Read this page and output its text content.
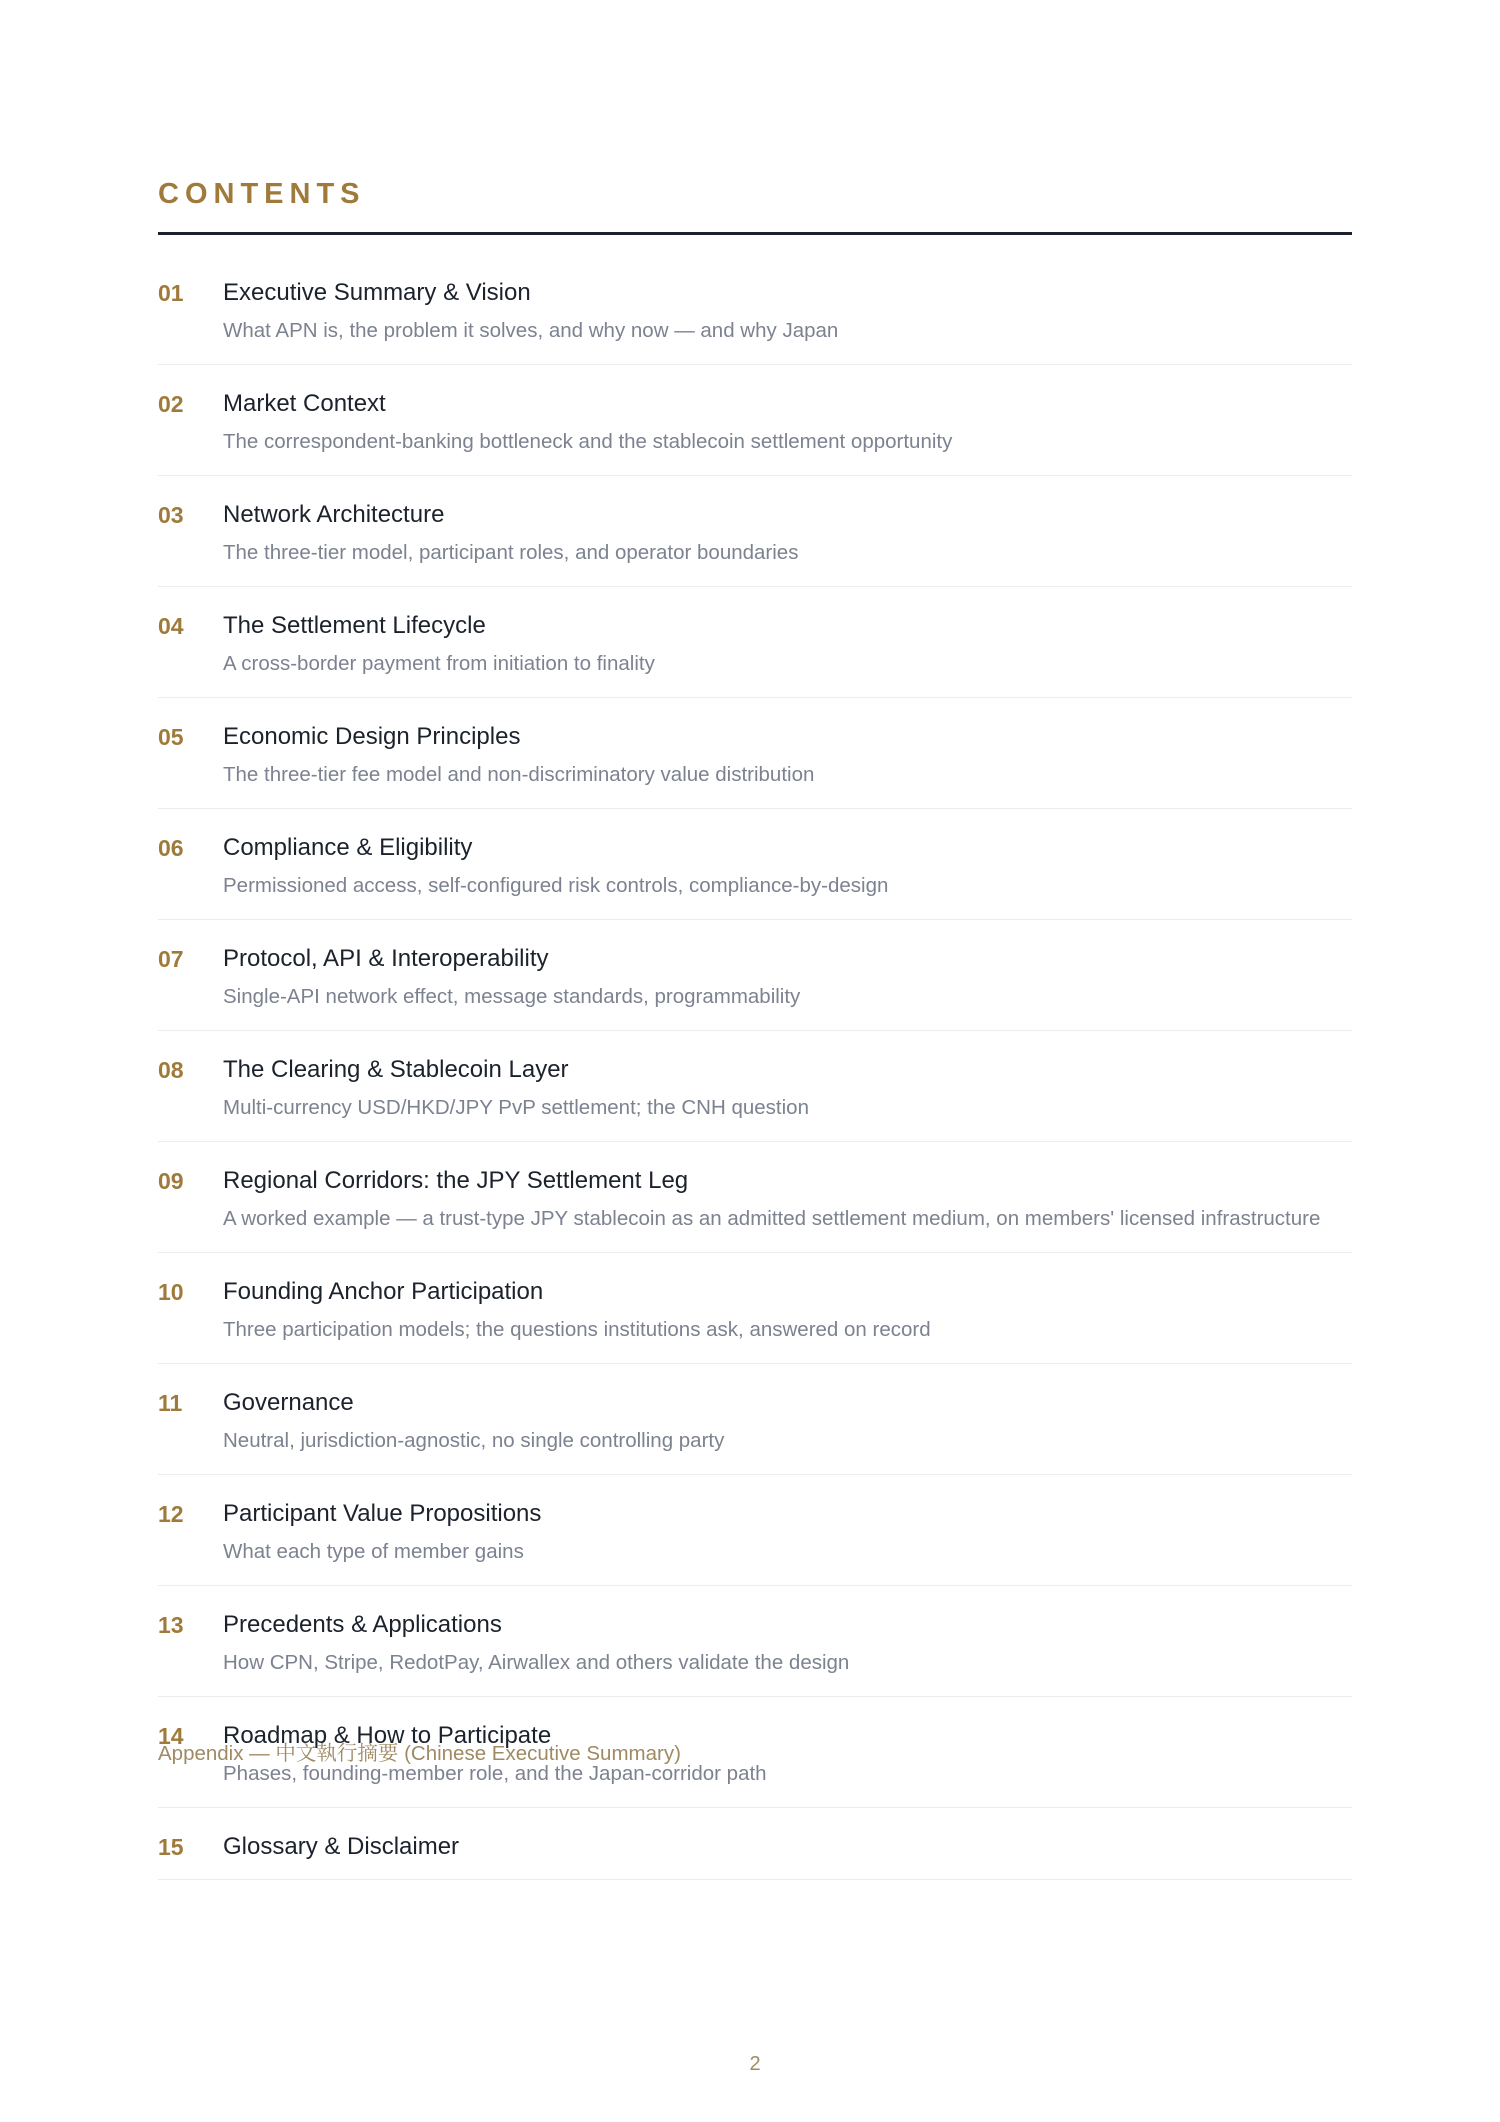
CONTENTS
01	Executive Summary & Vision
What APN is, the problem it solves, and why now — and why Japan
02	Market Context
The correspondent-banking bottleneck and the stablecoin settlement opportunity
03	Network Architecture
The three-tier model, participant roles, and operator boundaries
04	The Settlement Lifecycle
A cross-border payment from initiation to finality
05	Economic Design Principles
The three-tier fee model and non-discriminatory value distribution
06	Compliance & Eligibility
Permissioned access, self-configured risk controls, compliance-by-design
07	Protocol, API & Interoperability
Single-API network effect, message standards, programmability
08	The Clearing & Stablecoin Layer
Multi-currency USD/HKD/JPY PvP settlement; the CNH question
09	Regional Corridors: the JPY Settlement Leg
A worked example — a trust-type JPY stablecoin as an admitted settlement medium, on members' licensed infrastructure
10	Founding Anchor Participation
Three participation models; the questions institutions ask, answered on record
11	Governance
Neutral, jurisdiction-agnostic, no single controlling party
12	Participant Value Propositions
What each type of member gains
13	Precedents & Applications
How CPN, Stripe, RedotPay, Airwallex and others validate the design
14	Roadmap & How to Participate
Phases, founding-member role, and the Japan-corridor path
15	Glossary & Disclaimer
Appendix — 中文執行摘要 (Chinese Executive Summary)
2
